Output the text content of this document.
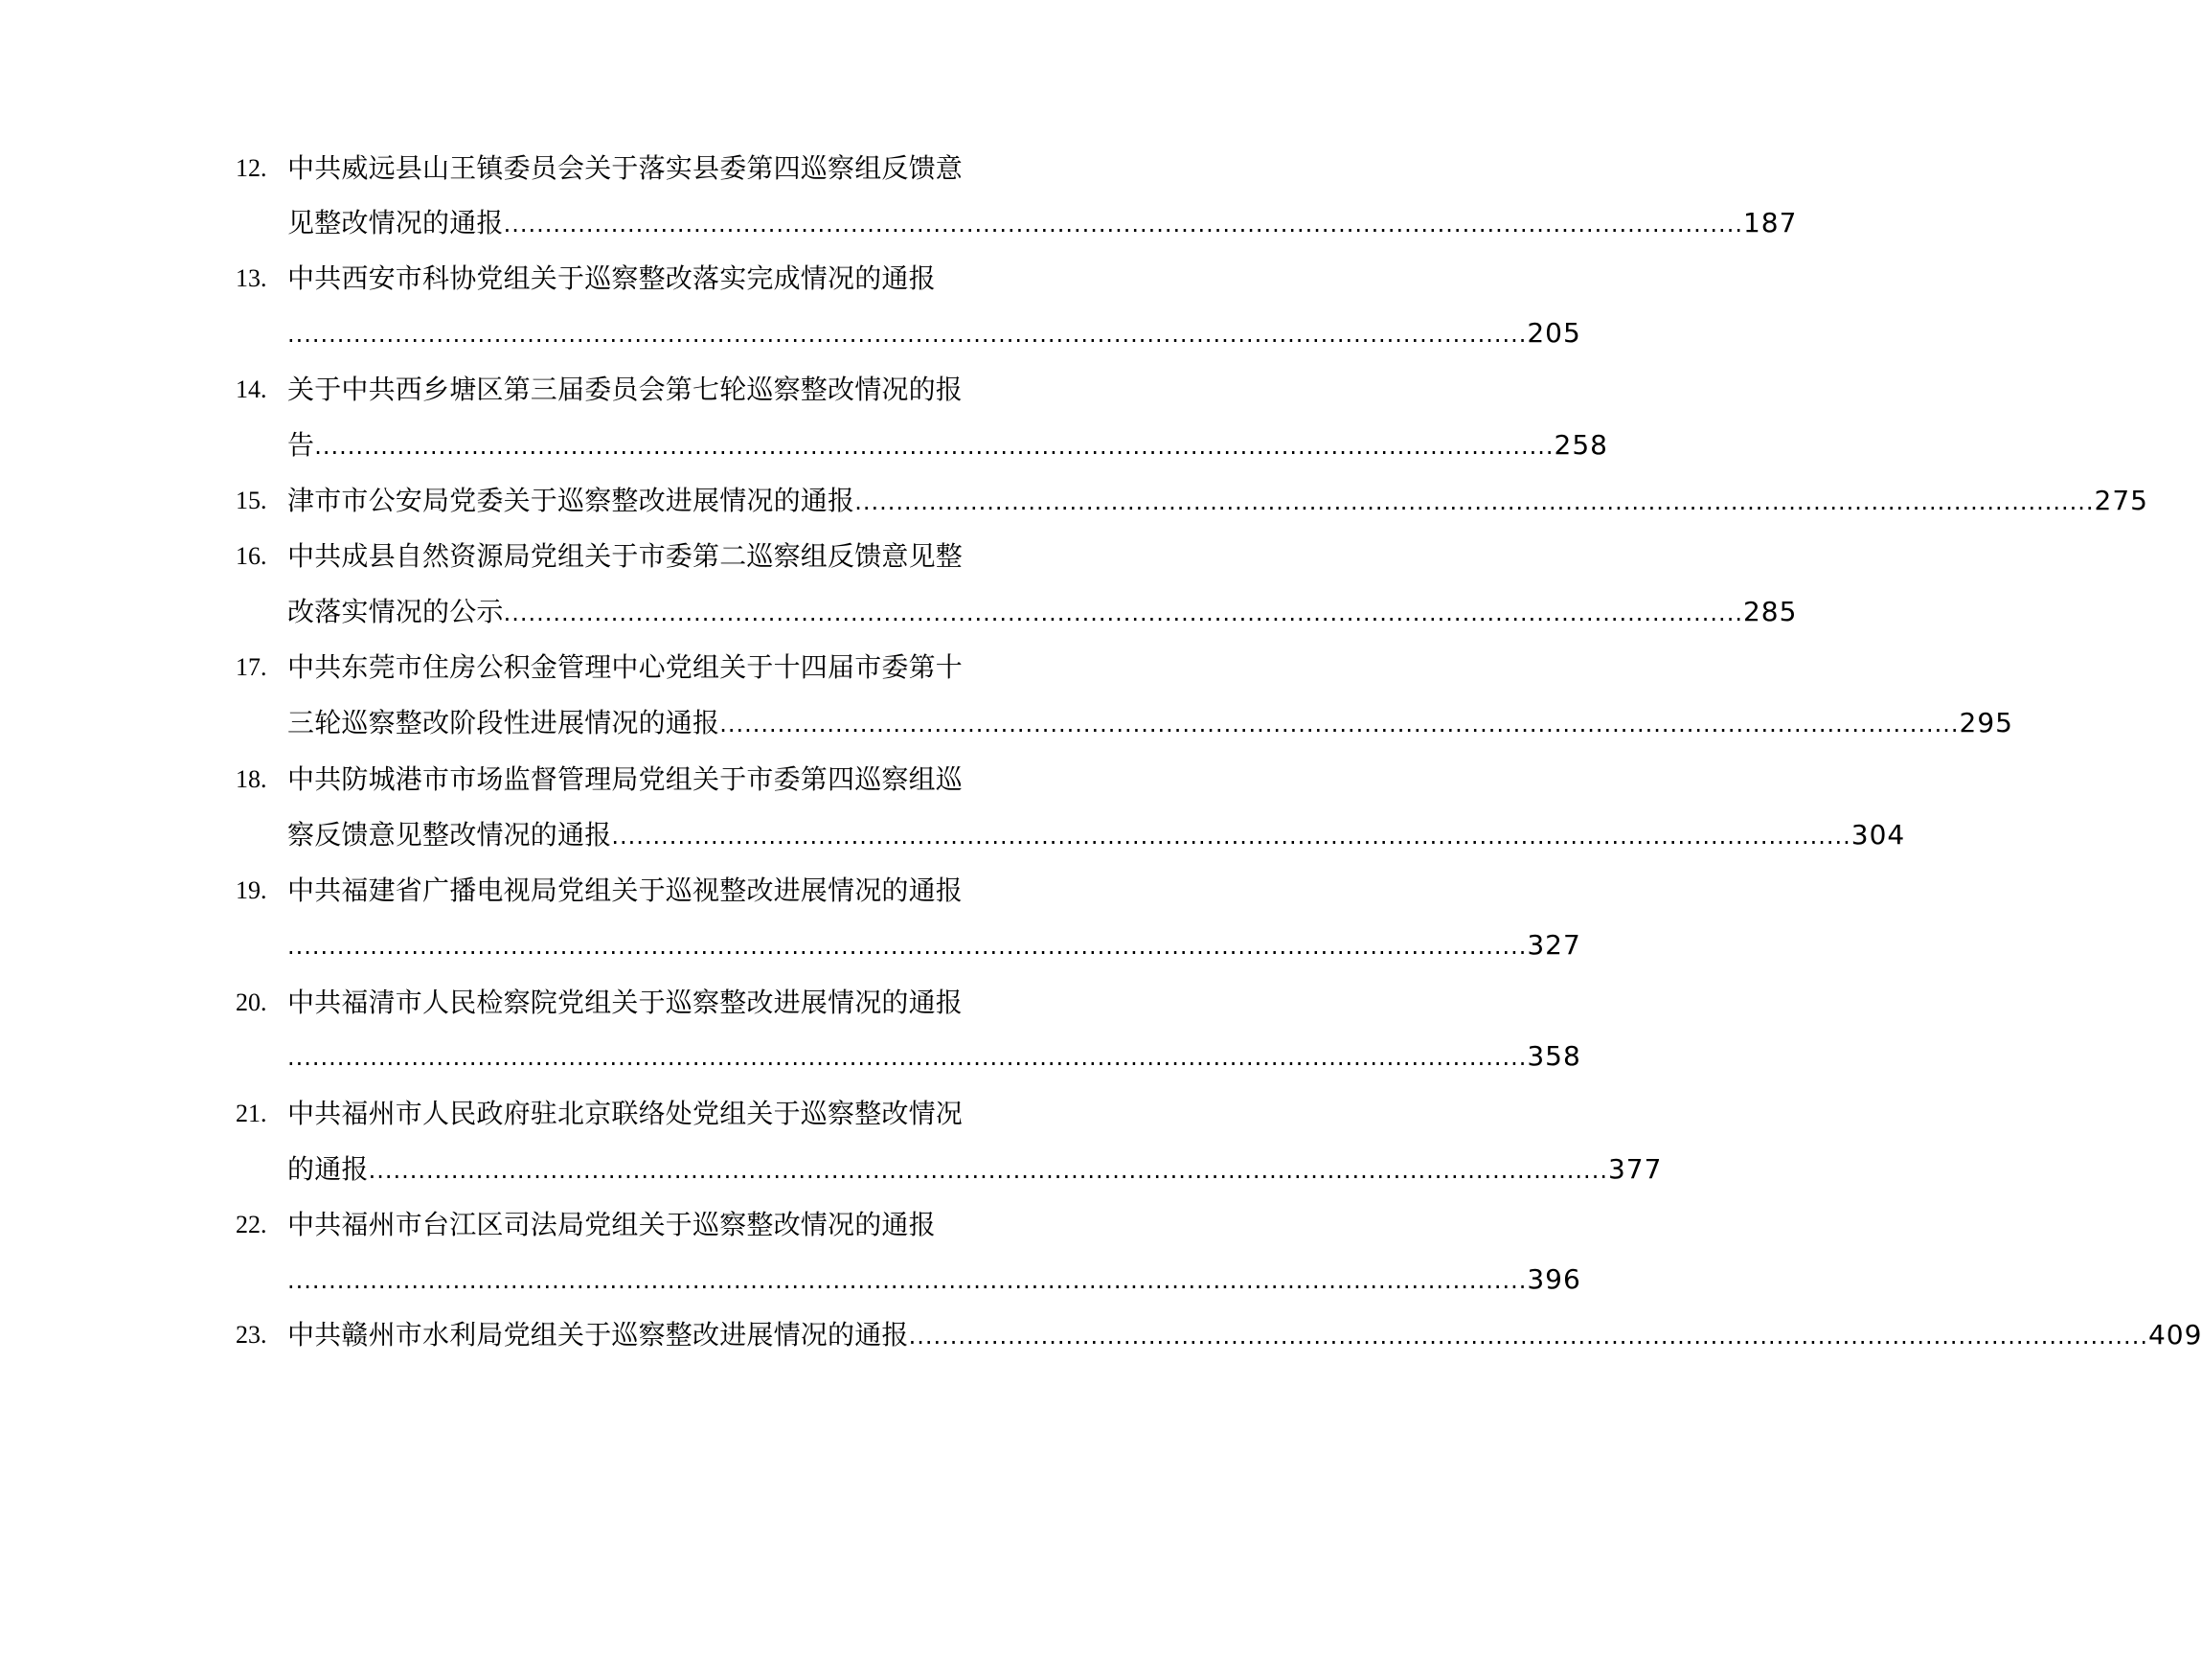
12. 中共威远县山王镇委员会关于落实县委第四巡察组反馈意
见整改情况的通报 ...................................................................................................................................................... 187
13. 中共西安市科协党组关于巡察整改落实完成情况的通报
...................................................................................................................................................... 205
14. 关于中共西乡塘区第三届委员会第七轮巡察整改情况的报
告 ...................................................................................................................................................... 258
15. 津市市公安局党委关于巡察整改进展情况的通报 ...................................................................................................................................................... 275
16. 中共成县自然资源局党组关于市委第二巡察组反馈意见整
改落实情况的公示 ...................................................................................................................................................... 285
17. 中共东莞市住房公积金管理中心党组关于十四届市委第十
三轮巡察整改阶段性进展情况的通报 ...................................................................................................................................................... 295
18. 中共防城港市市场监督管理局党组关于市委第四巡察组巡
察反馈意见整改情况的通报 ...................................................................................................................................................... 304
19. 中共福建省广播电视局党组关于巡视整改进展情况的通报
...................................................................................................................................................... 327
20. 中共福清市人民检察院党组关于巡察整改进展情况的通报
...................................................................................................................................................... 358
21. 中共福州市人民政府驻北京联络处党组关于巡察整改情况
的通报 ...................................................................................................................................................... 377
22. 中共福州市台江区司法局党组关于巡察整改情况的通报
...................................................................................................................................................... 396
23. 中共赣州市水利局党组关于巡察整改进展情况的通报 ...................................................................................................................................................... 409
